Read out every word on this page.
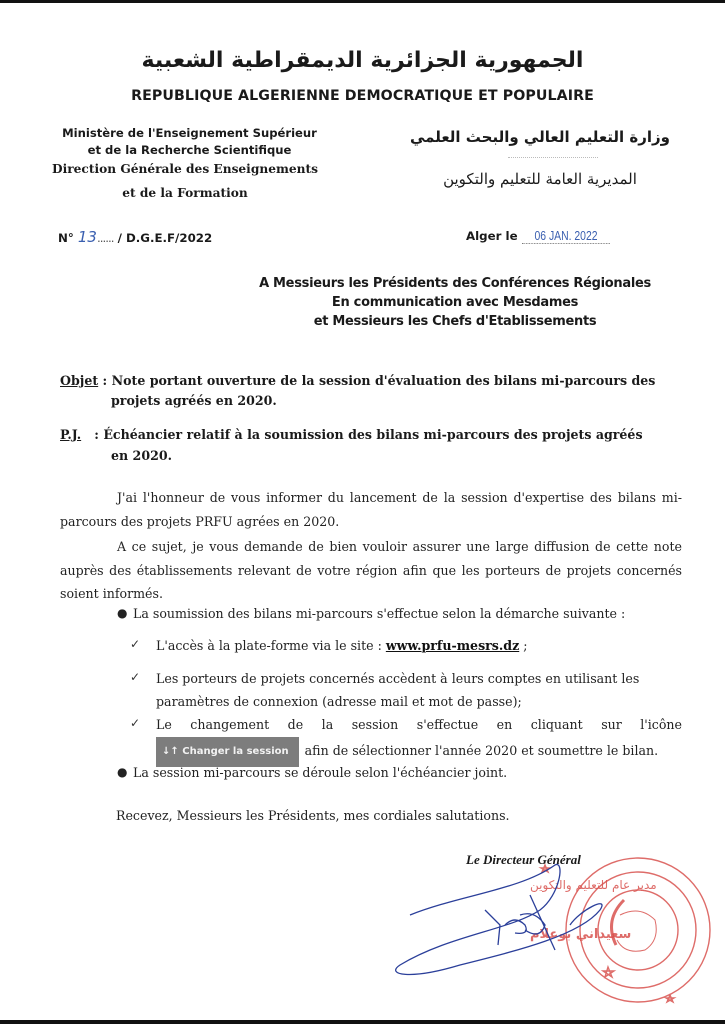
الجمهورية الجزائرية الديمقراطية الشعبية
REPUBLIQUE ALGERIENNE DEMOCRATIQUE ET POPULAIRE
Ministère de l'Enseignement Supérieur
et de la Recherche Scientifique
Direction Générale des Enseignements
et de la Formation
وزارة التعليم العالي والبحث العلمي
المديرية العامة للتعليم والتكوين
N° 13...... / D.G.E.F/2022	Alger le 06 JAN. 2022
A Messieurs les Présidents des Conférences Régionales
En communication avec Mesdames
et Messieurs les Chefs d'Etablissements
Objet : Note portant ouverture de la session d'évaluation des bilans mi-parcours des
projets agréés en 2020.
P.J.   : Échéancier relatif à la soumission des bilans mi-parcours des projets agréés
en 2020.
J'ai l'honneur de vous informer du lancement de la session d'expertise des bilans mi-parcours des projets PRFU agrées en 2020.
A ce sujet, je vous demande de bien vouloir assurer une large diffusion de cette note auprès des établissements relevant de votre région afin que les porteurs de projets concernés soient informés.
● La soumission des bilans mi-parcours s'effectue selon la démarche suivante :
✓ L'accès à la plate-forme via le site : www.prfu-mesrs.dz ;
✓ Les porteurs de projets concernés accèdent à leurs comptes en utilisant les paramètres de connexion (adresse mail et mot de passe);
✓ Le changement de la session s'effectue en cliquant sur l'icône
↓↑ Changer la session afin de sélectionner l'année 2020 et soumettre le bilan.
● La session mi-parcours se déroule selon l'échéancier joint.
Recevez, Messieurs les Présidents, mes cordiales salutations.
Le Directeur Général
مدير عام للتعليم والتكوين
سعيداني بوعلام
